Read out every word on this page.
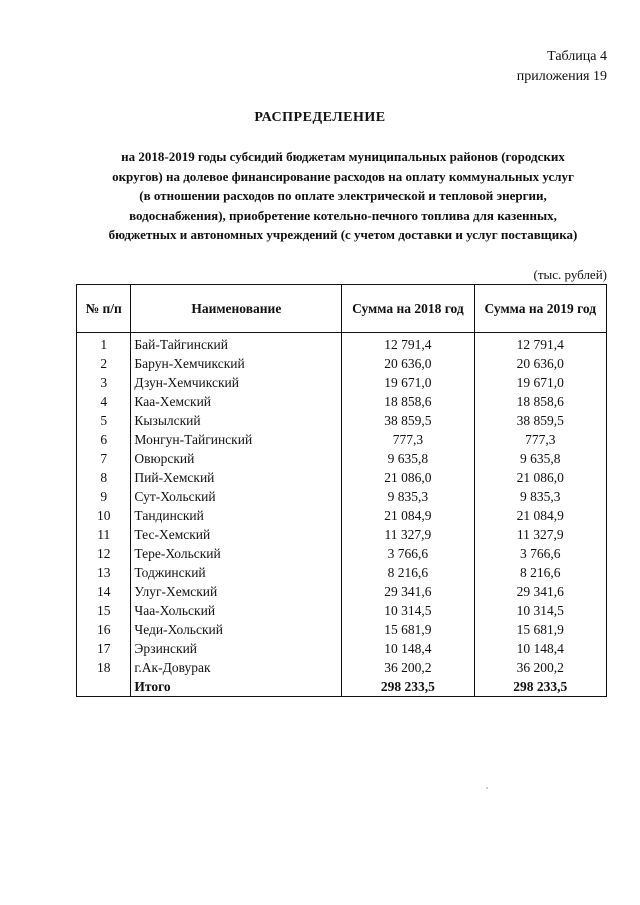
Таблица 4
приложения 19
РАСПРЕДЕЛЕНИЕ
на 2018-2019 годы субсидий бюджетам муниципальных районов (городских
округов) на долевое финансирование расходов на оплату коммунальных услуг
(в отношении расходов по оплате электрической и тепловой энергии,
водоснабжения), приобретение котельно-печного топлива для казенных,
бюджетных и автономных учреждений (с учетом доставки и услуг поставщика)
(тыс. рублей)
№ п/п	Наименование	Сумма на 2018 год	Сумма на 2019 год
1	Бай-Тайгинский	12 791,4	12 791,4
2	Барун-Хемчикский	20 636,0	20 636,0
3	Дзун-Хемчикский	19 671,0	19 671,0
4	Каа-Хемский	18 858,6	18 858,6
5	Кызылский	38 859,5	38 859,5
6	Монгун-Тайгинский	777,3	777,3
7	Овюрский	9 635,8	9 635,8
8	Пий-Хемский	21 086,0	21 086,0
9	Сут-Хольский	9 835,3	9 835,3
10	Тандинский	21 084,9	21 084,9
11	Тес-Хемский	11 327,9	11 327,9
12	Тере-Хольский	3 766,6	3 766,6
13	Тоджинский	8 216,6	8 216,6
14	Улуг-Хемский	29 341,6	29 341,6
15	Чаа-Хольский	10 314,5	10 314,5
16	Чеди-Хольский	15 681,9	15 681,9
17	Эрзинский	10 148,4	10 148,4
18	г.Ак-Довурак	36 200,2	36 200,2
	Итого	298 233,5	298 233,5
